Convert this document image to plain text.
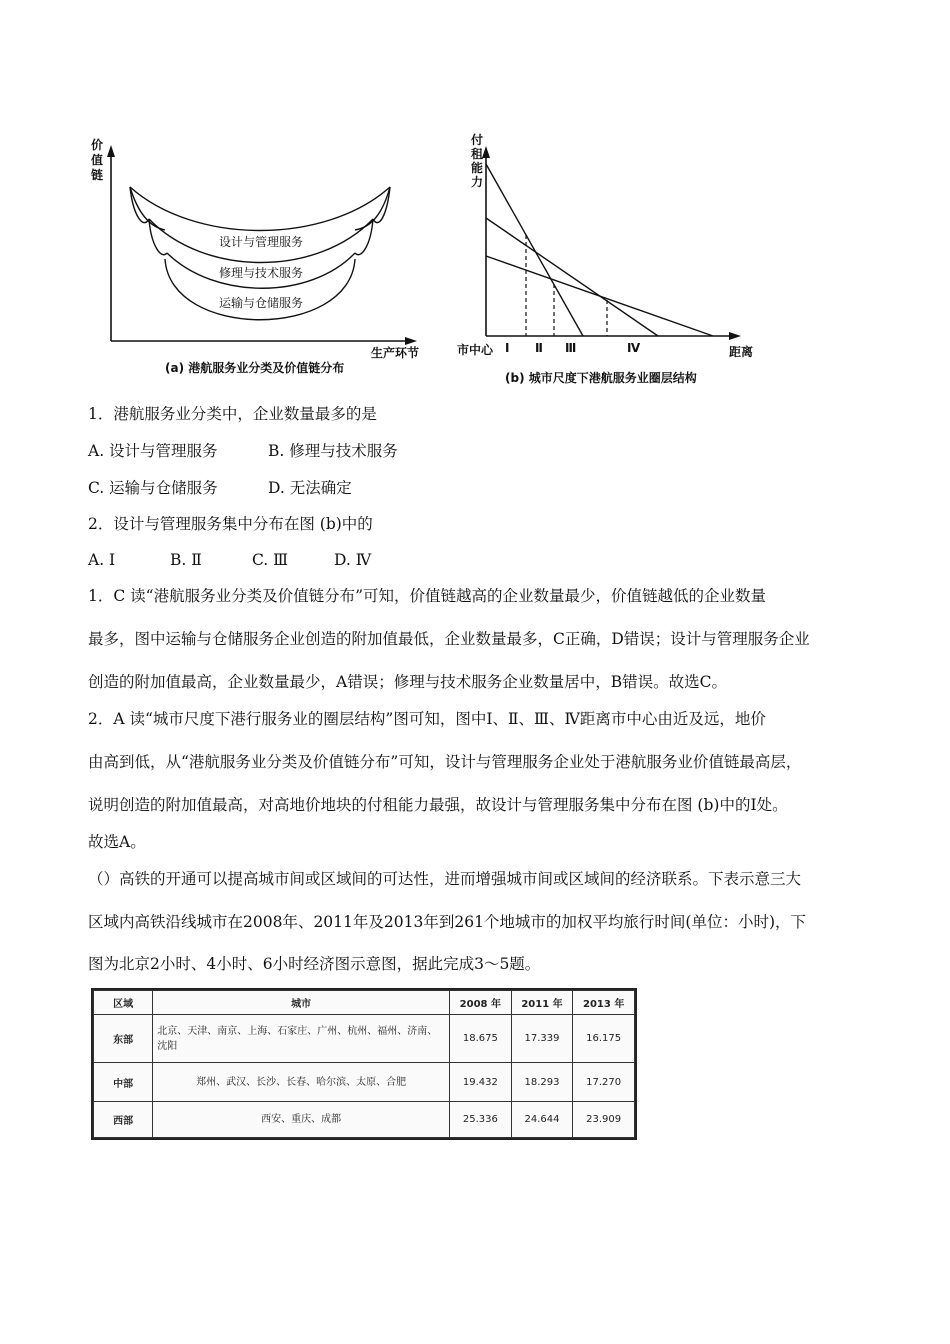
价值链
生产环节
设计与管理服务
修理与技术服务
运输与仓储服务
(a) 港航服务业分类及价值链分布
付租能力
市中心 Ⅰ Ⅱ Ⅲ	Ⅳ	距离
(b) 城市尺度下港航服务业圈层结构
1．港航服务业分类中，企业数量最多的是
A. 设计与管理服务	B. 修理与技术服务
C. 运输与仓储服务	D. 无法确定
2．设计与管理服务集中分布在图 (b)中的
A. Ⅰ	B. Ⅱ	C. Ⅲ	D. Ⅳ
1．C 读“港航服务业分类及价值链分布”可知，价值链越高的企业数量最少，价值链越低的企业数量
最多，图中运输与仓储服务企业创造的附加值最低，企业数量最多，C正确，D错误；设计与管理服务企业
创造的附加值最高，企业数量最少，A错误；修理与技术服务企业数量居中，B错误。故选C。
2．A 读“城市尺度下港行服务业的圈层结构”图可知，图中Ⅰ、Ⅱ、Ⅲ、Ⅳ距离市中心由近及远，地价
由高到低，从“港航服务业分类及价值链分布”可知，设计与管理服务企业处于港航服务业价值链最高层，
说明创造的附加值最高，对高地价地块的付租能力最强，故设计与管理服务集中分布在图 (b)中的Ⅰ处。
故选A。
（）高铁的开通可以提高城市间或区域间的可达性，进而增强城市间或区域间的经济联系。下表示意三大
区域内高铁沿线城市在2008年、2011年及2013年到261个地城市的加权平均旅行时间(单位：小时)，下
图为北京2小时、4小时、6小时经济图示意图，据此完成3～5题。
区域	城市	2008 年	2011 年	2013 年
东部	北京、天津、南京、上海、石家庄、广州、杭州、福州、济南、
沈阳	18.675	17.339	16.175
中部	郑州、武汉、长沙、长春、哈尔滨、太原、合肥	19.432	18.293	17.270
西部	西安、重庆、成都	25.336	24.644	23.909
